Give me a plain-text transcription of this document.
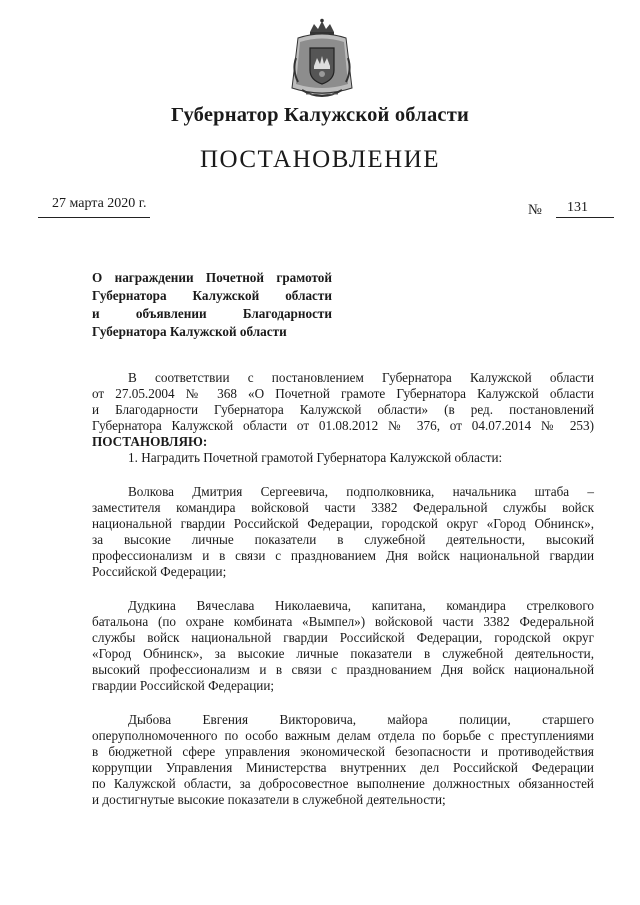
Губернатор Калужской области
ПОСТАНОВЛЕНИЕ
27 марта 2020 г.	№ 131
О награждении Почетной грамотой
Губернатора Калужской области
и объявлении Благодарности
Губернатора Калужской области
В соответствии с постановлением Губернатора Калужской области
от 27.05.2004 № 368 «О Почетной грамоте Губернатора Калужской области
и Благодарности Губернатора Калужской области» (в ред. постановлений
Губернатора Калужской области от 01.08.2012 № 376, от 04.07.2014 № 253)
ПОСТАНОВЛЯЮ:
1. Наградить Почетной грамотой Губернатора Калужской области:
Волкова Дмитрия Сергеевича, подполковника, начальника штаба –
заместителя командира войсковой части 3382 Федеральной службы войск
национальной гвардии Российской Федерации, городской округ «Город Обнинск»,
за высокие личные показатели в служебной деятельности, высокий
профессионализм и в связи с празднованием Дня войск национальной гвардии
Российской Федерации;
Дудкина Вячеслава Николаевича, капитана, командира стрелкового
батальона (по охране комбината «Вымпел») войсковой части 3382 Федеральной
службы войск национальной гвардии Российской Федерации, городской округ
«Город Обнинск», за высокие личные показатели в служебной деятельности,
высокий профессионализм и в связи с празднованием Дня войск национальной
гвардии Российской Федерации;
Дыбова Евгения Викторовича, майора полиции, старшего
оперуполномоченного по особо важным делам отдела по борьбе с преступлениями
в бюджетной сфере управления экономической безопасности и противодействия
коррупции Управления Министерства внутренних дел Российской Федерации
по Калужской области, за добросовестное выполнение должностных обязанностей
и достигнутые высокие показатели в служебной деятельности;
